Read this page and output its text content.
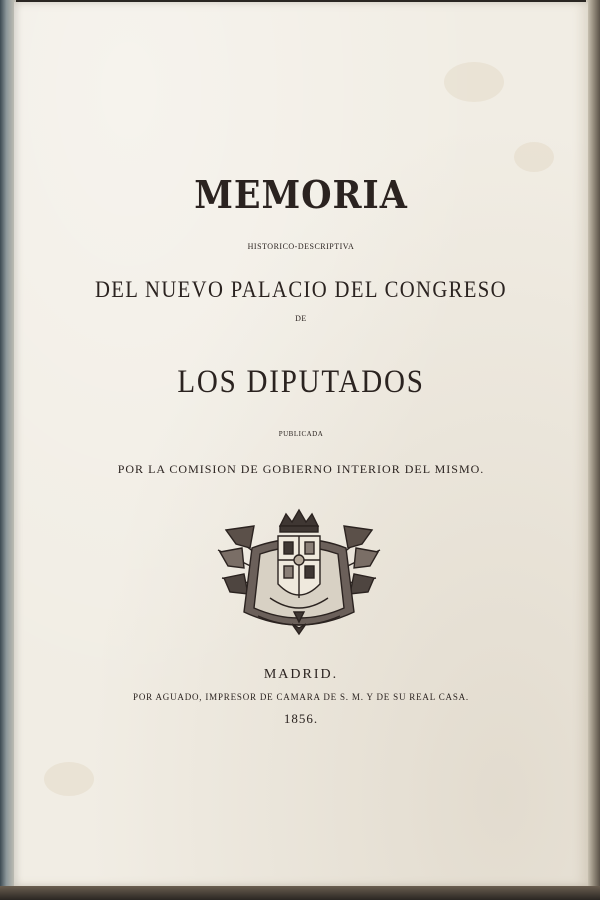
MEMORIA
HISTORICO-DESCRIPTIVA
DEL NUEVO PALACIO DEL CONGRESO
DE
LOS DIPUTADOS
PUBLICADA
POR LA COMISION DE GOBIERNO INTERIOR DEL MISMO.
MADRID.
POR AGUADO, IMPRESOR DE CAMARA DE S. M. Y DE SU REAL CASA.
1856.
